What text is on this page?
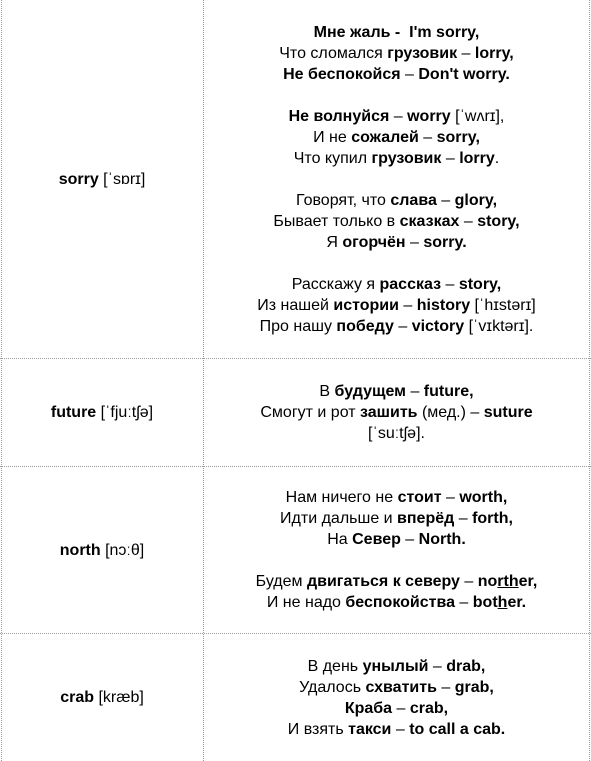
sorry [ˈsɒrɪ]
Мне жаль -  I'm sorry,
Что сломался грузовик – lorry,
Не беспокойся – Don't worry.
Не волнуйся – worry [ˈwʌrɪ],
И не сожалей – sorry,
Что купил грузовик – lorry.
Говорят, что слава – glory,
Бывает только в сказках – story,
Я огорчён – sorry.
Расскажу я рассказ – story,
Из нашей истории – history [ˈhɪstərɪ]
Про нашу победу – victory [ˈvɪktərɪ].
future [ˈfjuːtʃə]
В будущем – future,
Смогут и рот зашить (мед.) – suture
[ˈsuːtʃə].
north [nɔːθ]
Нам ничего не стоит – worth,
Идти дальше и вперёд – forth,
На Север – North.
Будем двигаться к северу – norther,
И не надо беспокойства – bother.
crab [kræb]
В день унылый – drab,
Удалось схватить – grab,
Краба – crab,
И взять такси – to call a cab.
